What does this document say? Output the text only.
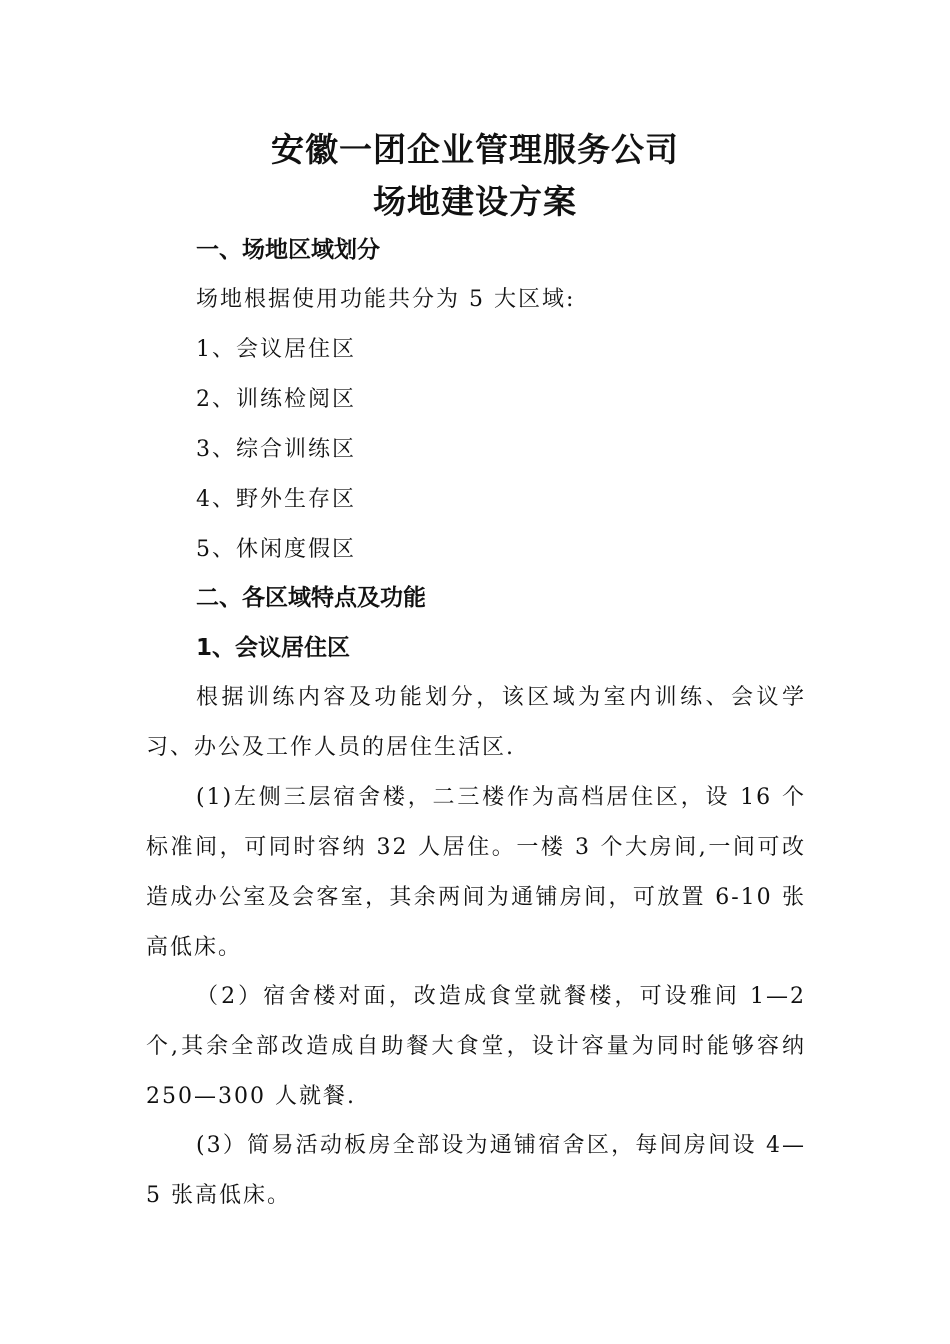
安徽一团企业管理服务公司
场地建设方案
一、场地区域划分
场地根据使用功能共分为 5 大区域:
1、会议居住区
2、训练检阅区
3、综合训练区
4、野外生存区
5、休闲度假区
二、各区域特点及功能
1、会议居住区
根据训练内容及功能划分，该区域为室内训练、会议学习、办公及工作人员的居住生活区.
(1)左侧三层宿舍楼，二三楼作为高档居住区，设 16 个标准间，可同时容纳 32 人居住。一楼 3 个大房间,一间可改造成办公室及会客室，其余两间为通铺房间，可放置 6-10 张高低床。
（2）宿舍楼对面，改造成食堂就餐楼，可设雅间 1—2 个,其余全部改造成自助餐大食堂，设计容量为同时能够容纳 250—300 人就餐.
(3）简易活动板房全部设为通铺宿舍区，每间房间设 4—5 张高低床。
